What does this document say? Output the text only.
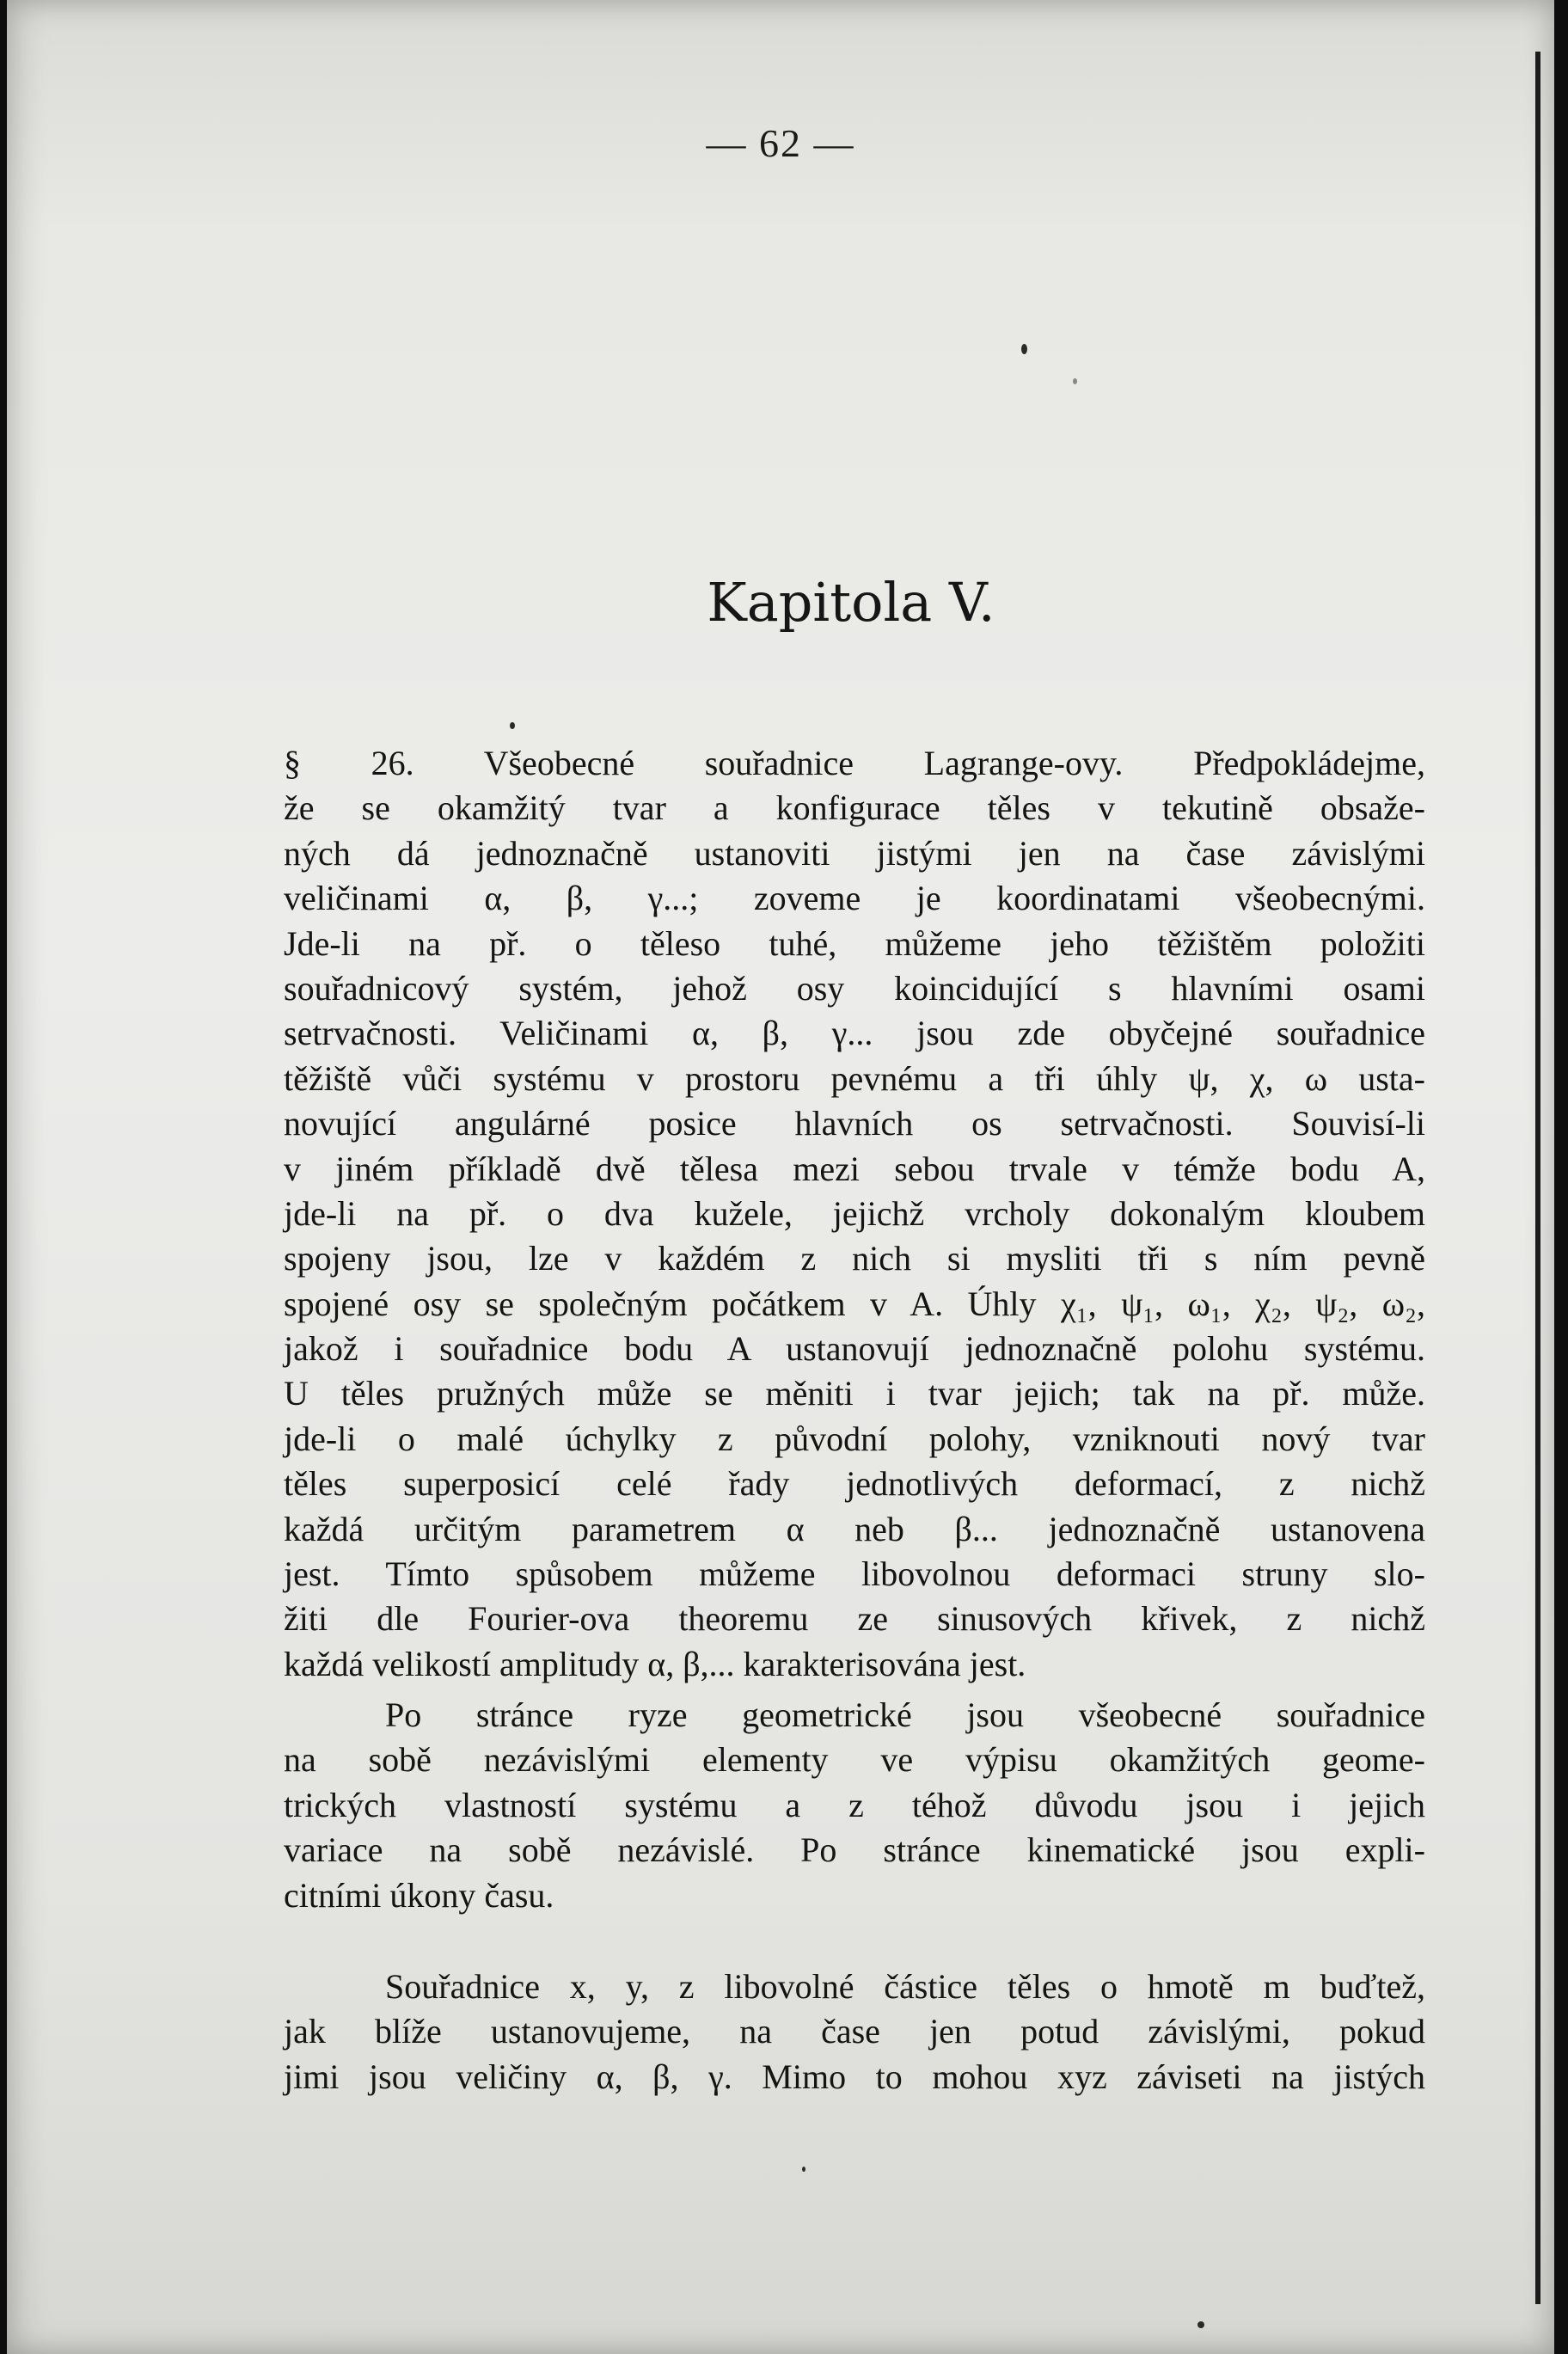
— 62 —
Kapitola V.
§ 26. Všeobecné souřadnice Lagrange-ovy. Předpokládejme,
že se okamžitý tvar a konfigurace těles v tekutině obsaže-
ných dá jednoznačně ustanoviti jistými jen na čase závislými
veličinami α, β, γ...; zoveme je koordinatami všeobecnými.
Jde-li na př. o těleso tuhé, můžeme jeho těžištěm položiti
souřadnicový systém, jehož osy koincidující s hlavními osami
setrvačnosti. Veličinami α, β, γ... jsou zde obyčejné souřadnice
těžiště vůči systému v prostoru pevnému a tři úhly ψ, χ, ω usta-
novující angulárné posice hlavních os setrvačnosti. Souvisí-li
v jiném příkladě dvě tělesa mezi sebou trvale v témže bodu A,
jde-li na př. o dva kužele, jejichž vrcholy dokonalým kloubem
spojeny jsou, lze v každém z nich si mysliti tři s ním pevně
spojené osy se společným počátkem v A. Úhly χ₁, ψ₁, ω₁, χ₂, ψ₂, ω₂,
jakož i souřadnice bodu A ustanovují jednoznačně polohu systému.
U těles pružných může se měniti i tvar jejich; tak na př. může.
jde-li o malé úchylky z původní polohy, vzniknouti nový tvar
těles superposicí celé řady jednotlivých deformací, z nichž
každá určitým parametrem α neb β... jednoznačně ustanovena
jest. Tímto spůsobem můžeme libovolnou deformaci struny slo-
žiti dle Fourier-ova theoremu ze sinusových křivek, z nichž
každá velikostí amplitudy α, β,... karakterisována jest.
Po stránce ryze geometrické jsou všeobecné souřadnice
na sobě nezávislými elementy ve výpisu okamžitých geome-
trických vlastností systému a z téhož důvodu jsou i jejich
variace na sobě nezávislé. Po stránce kinematické jsou expli-
citními úkony času.
Souřadnice x, y, z libovolné částice těles o hmotě m buďtež,
jak blíže ustanovujeme, na čase jen potud závislými, pokud
jimi jsou veličiny α, β, γ. Mimo to mohou xyz záviseti na jistých
